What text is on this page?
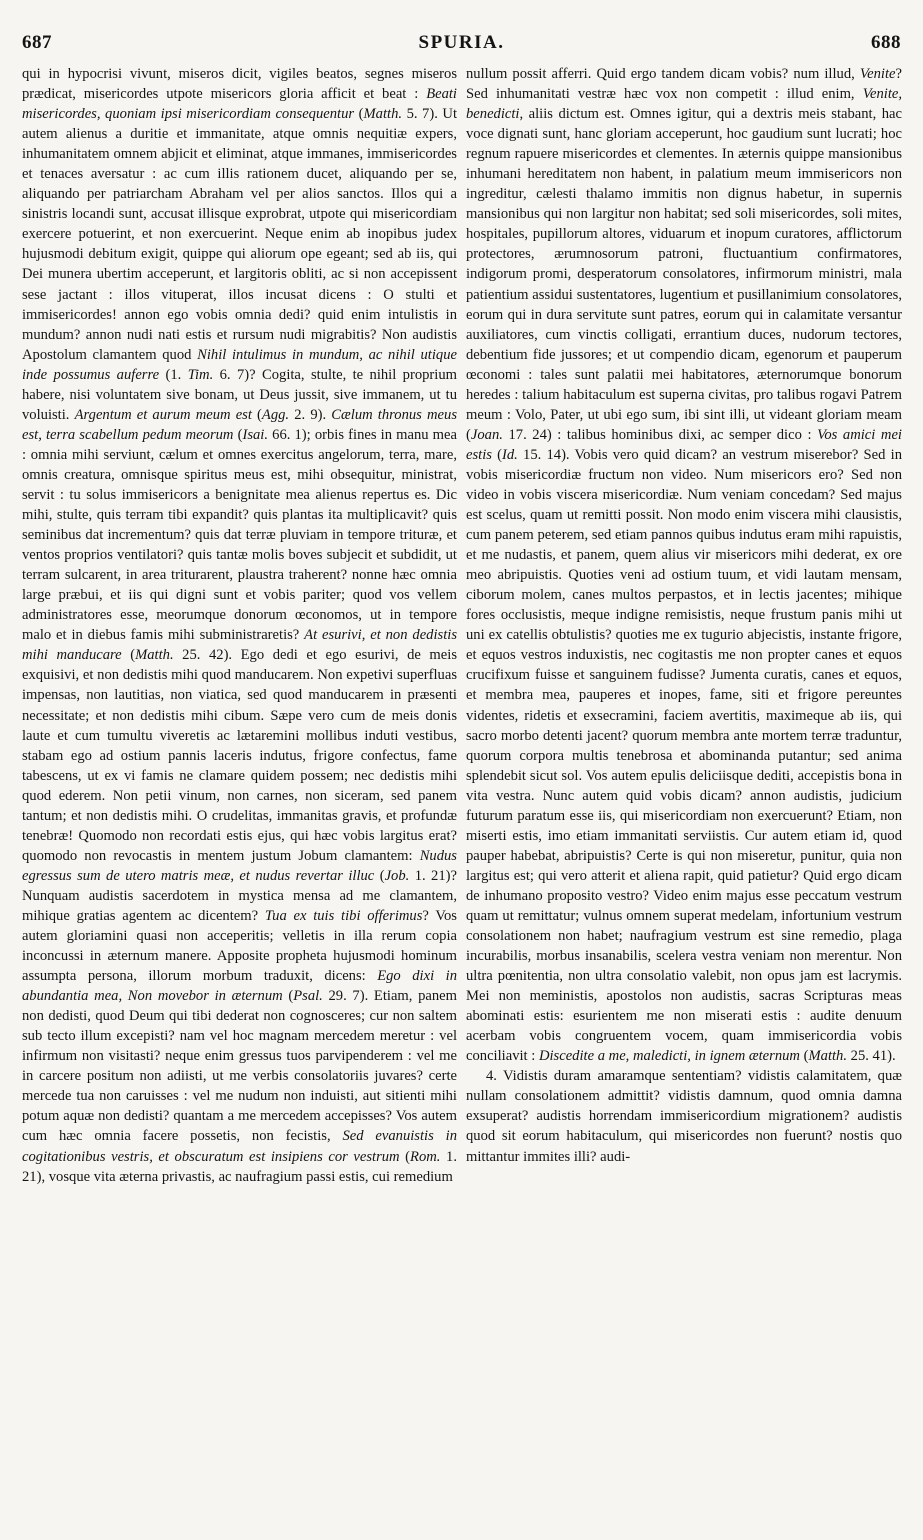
687	SPURIA.	688

qui in hypocrisi vivunt, miseros dicit, vigiles beatos, segnes miseros prædicat, misericordes utpote misericors gloria afficit et beat : Beati misericordes, quoniam ipsi misericordiam consequentur (Matth. 5. 7). Ut autem alienus a duritie et immanitate, atque omnis nequitiæ expers, inhumanitatem omnem abjicit et eliminat, atque immanes, immisericordes et tenaces aversatur : ac cum illis rationem ducet, aliquando per se, aliquando per patriarcham Abraham vel per alios sanctos. Illos qui a sinistris locandi sunt, accusat illisque exprobrat, utpote qui misericordiam exercere potuerint, et non exercuerint. Neque enim ab inopibus judex hujusmodi debitum exigit, quippe qui aliorum ope egeant; sed ab iis, qui Dei munera ubertim acceperunt, et largitoris obliti, ac si non accepissent sese jactant : illos vituperat, illos incusat dicens : O stulti et immisericordes! annon ego vobis omnia dedi? quid enim intulistis in mundum? annon nudi nati estis et rursum nudi migrabitis? Non audistis Apostolum clamantem quod Nihil intulimus in mundum, ac nihil utique inde possumus auferre (1. Tim. 6. 7)? Cogita, stulte, te nihil proprium habere, nisi voluntatem sive bonam, ut Deus jussit, sive immanem, ut tu voluisti. Argentum et aurum meum est (Agg. 2. 9). Cælum thronus meus est, terra scabellum pedum meorum (Isai. 66. 1); orbis fines in manu mea : omnia mihi serviunt, cælum et omnes exercitus angelorum, terra, mare, omnis creatura, omnisque spiritus meus est, mihi obsequitur, ministrat, servit : tu solus immisericors a benignitate mea alienus repertus es. Dic mihi, stulte, quis terram tibi expandit? quis plantas ita multiplicavit? quis seminibus dat incrementum? quis dat terræ pluviam in tempore trituræ, et ventos proprios ventilatori? quis tantæ molis boves subjecit et subdidit, ut terram sulcarent, in area triturarent, plaustra traherent? nonne hæc omnia large præbui, et iis qui digni sunt et vobis pariter; quod vos vellem administratores esse, meorumque donorum œconomos, ut in tempore malo et in diebus famis mihi subministraretis? At esurivi, et non dedistis mihi manducare (Matth. 25. 42). Ego dedi et ego esurivi, de meis exquisivi, et non dedistis mihi quod manducarem. Non expetivi superfluas impensas, non lautitias, non viatica, sed quod manducarem in præsenti necessitate; et non dedistis mihi cibum. Sæpe vero cum de meis donis laute et cum tumultu viveretis ac lætaremini mollibus induti vestibus, stabam ego ad ostium pannis laceris indutus, frigore confectus, fame tabescens, ut ex vi famis ne clamare quidem possem; nec dedistis mihi quod ederem. Non petii vinum, non carnes, non siceram, sed panem tantum; et non dedistis mihi. O crudelitas, immanitas gravis, et profundæ tenebræ! Quomodo non recordati estis ejus, qui hæc vobis largitus erat? quomodo non revocastis in mentem justum Jobum clamantem: Nudus egressus sum de utero matris meæ, et nudus revertar illuc (Job. 1. 21)? Nunquam audistis sacerdotem in mystica mensa ad me clamantem, mihique gratias agentem ac dicentem? Tua ex tuis tibi offerimus? Vos autem gloriamini quasi non acceperitis; velletis in illa rerum copia inconcussi in æternum manere. Apposite propheta hujusmodi hominum assumpta persona, illorum morbum traduxit, dicens: Ego dixi in abundantia mea, Non movebor in æternum (Psal. 29. 7). Etiam, panem non dedisti, quod Deum qui tibi dederat non cognosceres; cur non saltem sub tecto illum excepisti? nam vel hoc magnam mercedem meretur : vel infirmum non visitasti? neque enim gressus tuos parvipenderem : vel me in carcere positum non adiisti, ut me verbis consolatoriis juvares? certe mercede tua non caruisses : vel me nudum non induisti, aut sitienti mihi potum aquæ non dedisti? quantam a me mercedem accepisses? Vos autem cum hæc omnia facere possetis, non fecistis, Sed evanuistis in cogitationibus vestris, et obscuratum est insipiens cor vestrum (Rom. 1. 21), vosque vita æterna privastis, ac naufragium passi estis, cui remedium

nullum possit afferri. Quid ergo tandem dicam vobis? num illud, Venite? Sed inhumanitati vestræ hæc vox non competit : illud enim, Venite, benedicti, aliis dictum est. Omnes igitur, qui a dextris meis stabant, hac voce dignati sunt, hanc gloriam acceperunt, hoc gaudium sunt lucrati; hoc regnum rapuere misericordes et clementes. In æternis quippe mansionibus inhumani hereditatem non habent, in palatium meum immisericors non ingreditur, cælesti thalamo immitis non dignus habetur, in supernis mansionibus qui non largitur non habitat; sed soli misericordes, soli mites, hospitales, pupillorum altores, viduarum et inopum curatores, afflictorum protectores, ærumnosorum patroni, fluctuantium confirmatores, indigorum promi, desperatorum consolatores, infirmorum ministri, mala patientium assidui sustentatores, lugentium et pusillanimium consolatores, eorum qui in dura servitute sunt patres, eorum qui in calamitate versantur auxiliatores, cum vinctis colligati, errantium duces, nudorum tectores, debentium fide jussores; et ut compendio dicam, egenorum et pauperum œconomi : tales sunt palatii mei habitatores, æternorumque bonorum heredes : talium habitaculum est superna civitas, pro talibus rogavi Patrem meum : Volo, Pater, ut ubi ego sum, ibi sint illi, ut videant gloriam meam (Joan. 17. 24) : talibus hominibus dixi, ac semper dico : Vos amici mei estis (Id. 15. 14). Vobis vero quid dicam? an vestrum miserebor? Sed in vobis misericordiæ fructum non video. Num misericors ero? Sed non video in vobis viscera misericordiæ. Num veniam concedam? Sed majus est scelus, quam ut remitti possit. Non modo enim viscera mihi clausistis, cum panem peterem, sed etiam pannos quibus indutus eram mihi rapuistis, et me nudastis, et panem, quem alius vir misericors mihi dederat, ex ore meo abripuistis. Quoties veni ad ostium tuum, et vidi lautam mensam, ciborum molem, canes multos perpastos, et in lectis jacentes; mihique fores occlusistis, meque indigne remisistis, neque frustum panis mihi ut uni ex catellis obtulistis? quoties me ex tugurio abjecistis, instante frigore, et equos vestros induxistis, nec cogitastis me non propter canes et equos crucifixum fuisse et sanguinem fudisse? Jumenta curatis, canes et equos, et membra mea, pauperes et inopes, fame, siti et frigore pereuntes videntes, ridetis et exsecramini, faciem avertitis, maximeque ab iis, qui sacro morbo detenti jacent? quorum membra ante mortem terræ traduntur, quorum corpora multis tenebrosa et abominanda putantur; sed anima splendebit sicut sol. Vos autem epulis deliciisque dediti, accepistis bona in vita vestra. Nunc autem quid vobis dicam? annon audistis, judicium futurum paratum esse iis, qui misericordiam non exercuerunt? Etiam, non miserti estis, imo etiam immanitati serviistis. Cur autem etiam id, quod pauper habebat, abripuistis? Certe is qui non miseretur, punitur, quia non largitus est; qui vero atterit et aliena rapit, quid patietur? Quid ergo dicam de inhumano proposito vestro? Video enim majus esse peccatum vestrum quam ut remittatur; vulnus omnem superat medelam, infortunium vestrum consolationem non habet; naufragium vestrum est sine remedio, plaga incurabilis, morbus insanabilis, scelera vestra veniam non merentur. Non ultra pœnitentia, non ultra consolatio valebit, non opus jam est lacrymis. Mei non meministis, apostolos non audistis, sacras Scripturas meas abominati estis: esurientem me non miserati estis : audite denuum acerbam vobis congruentem vocem, quam immisericordia vobis conciliavit : Discedite a me, maledicti, in ignem æternum (Matth. 25. 41).

4. Vidistis duram amaramque sententiam? vidistis calamitatem, quæ nullam consolationem admittit? vidistis damnum, quod omnia damna exsuperat? audistis horrendam immisericordium migrationem? audistis quod sit eorum habitaculum, qui misericordes non fuerunt? nostis quo mittantur immites illi? audi-
